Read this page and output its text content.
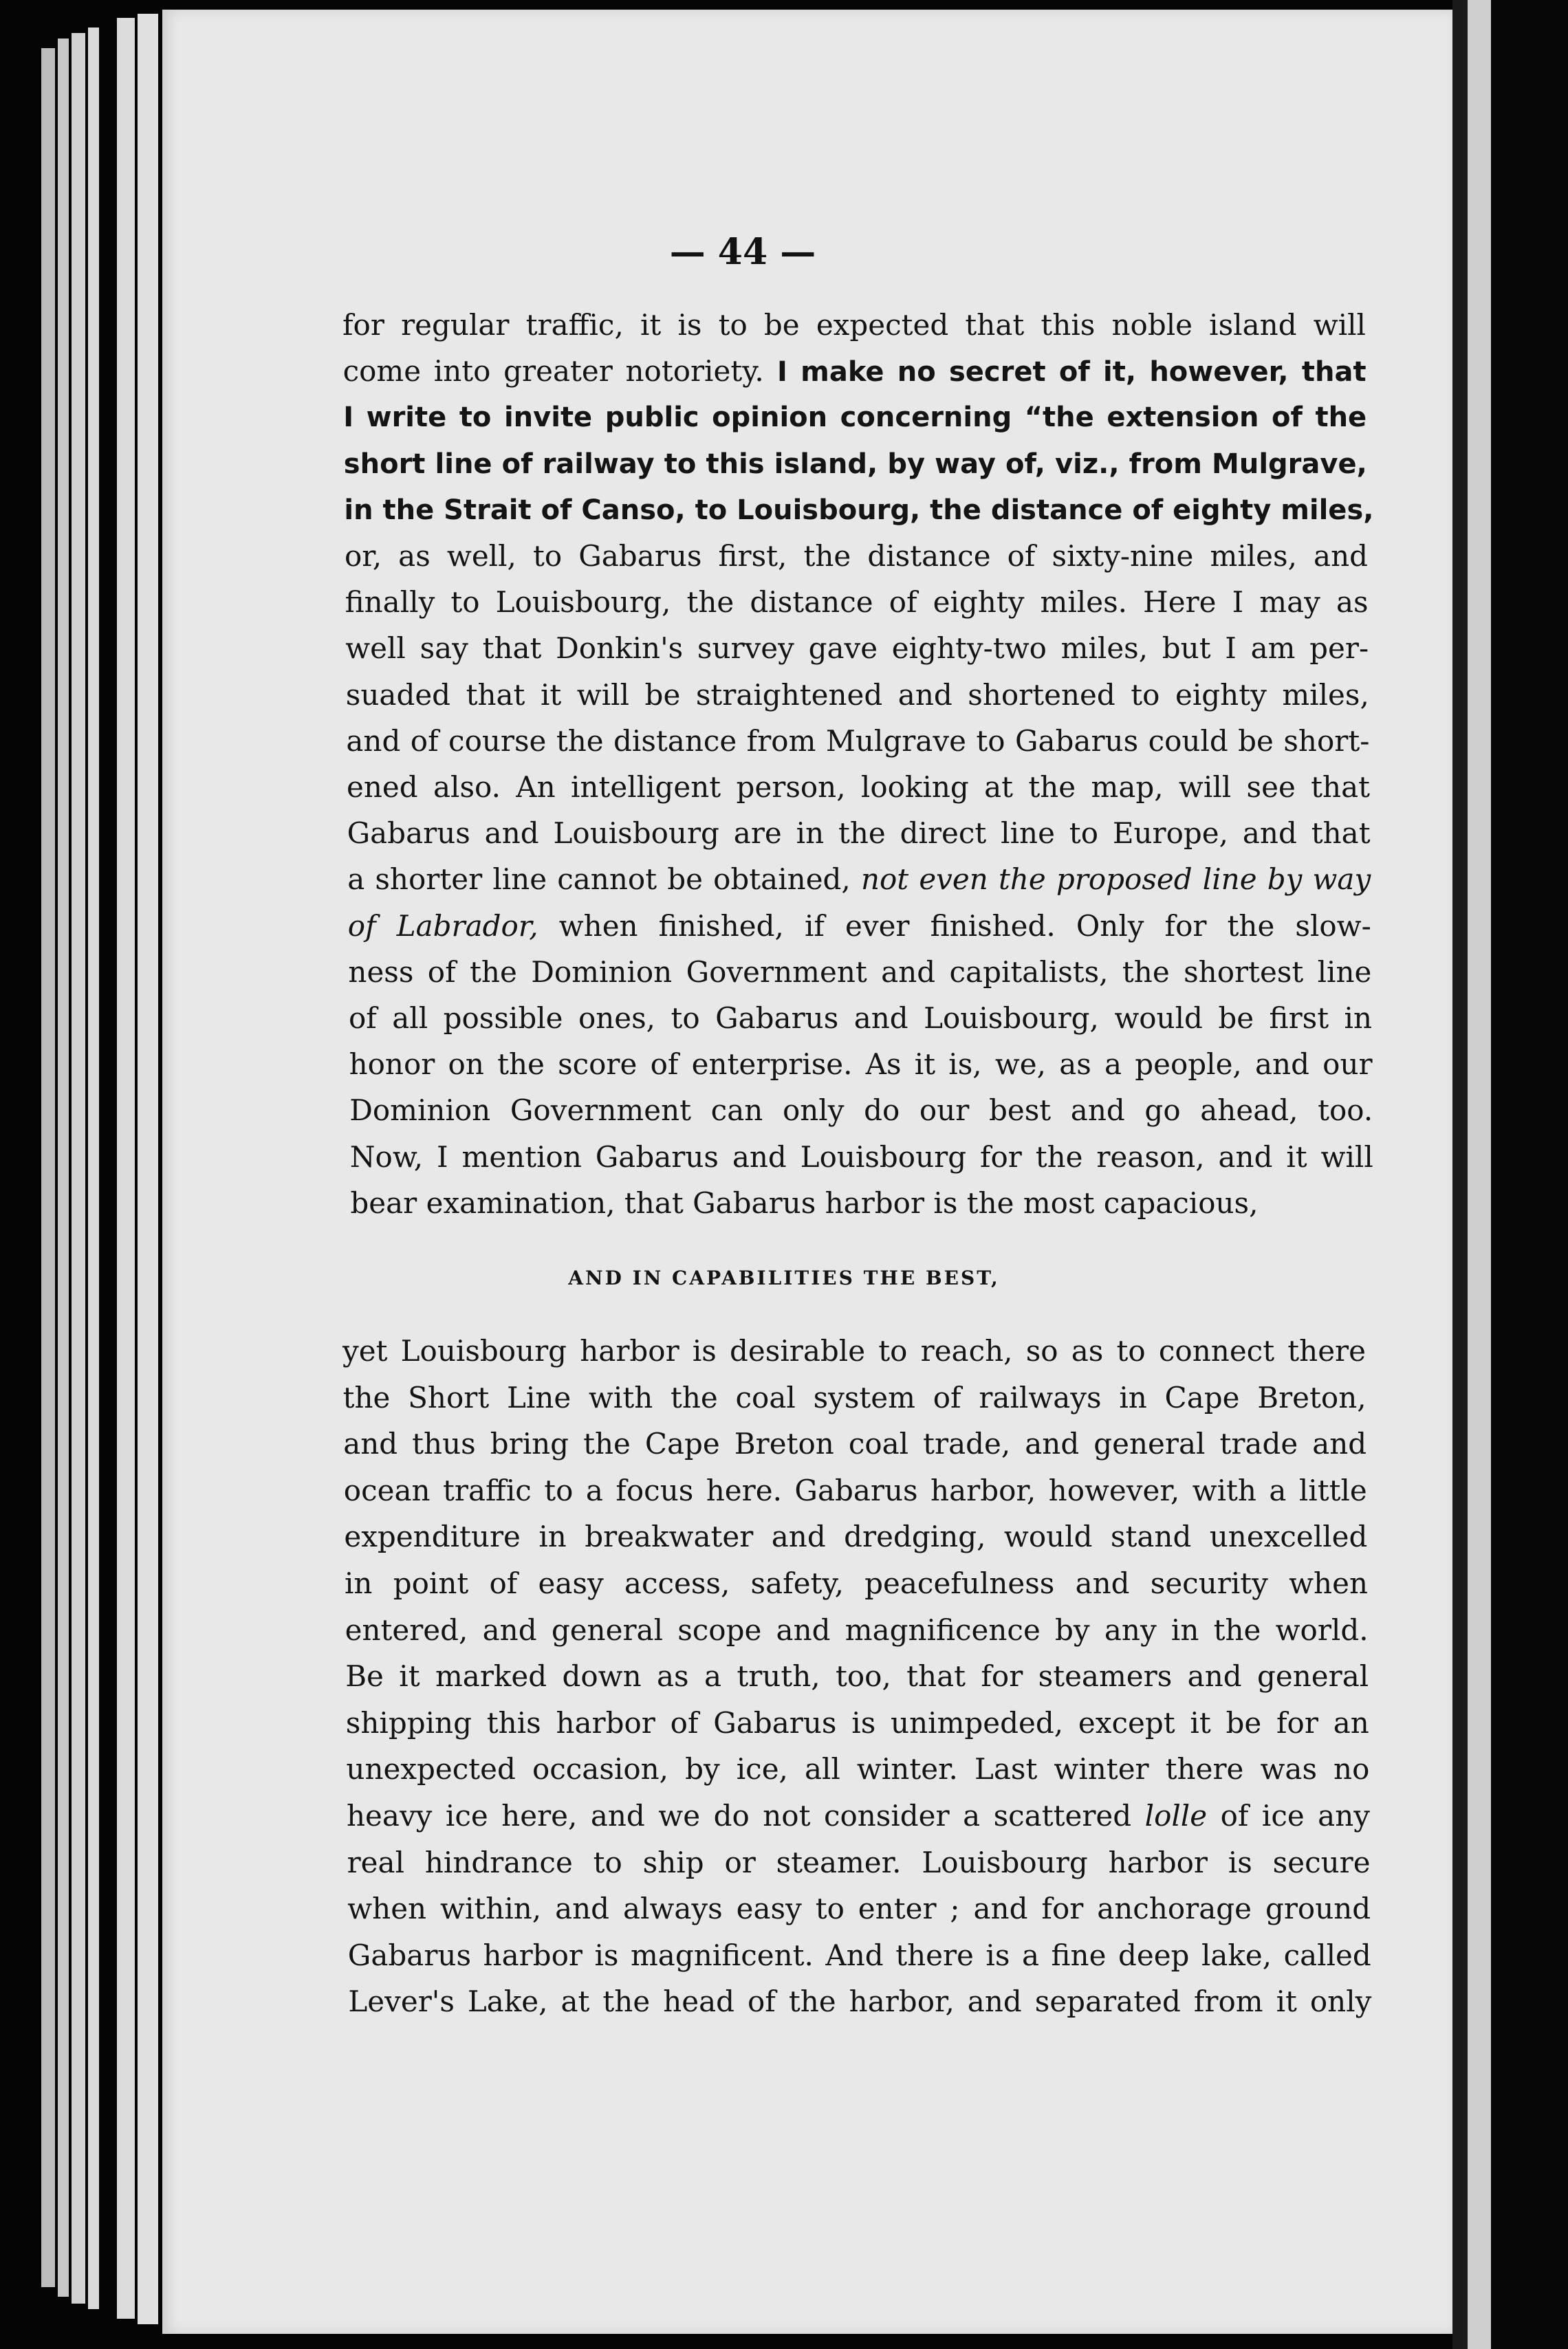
— 44 —
AND IN CAPABILITIES THE BEST,
for regular traffic, it is to be expected that this noble island will
come into greater notoriety. I make no secret of it, however, that
I write to invite public opinion concerning “the extension of the
short line of railway to this island, by way of, viz., from Mulgrave,
in the Strait of Canso, to Louisbourg, the distance of eighty miles,
or, as well, to Gabarus first, the distance of sixty-nine miles, and
finally to Louisbourg, the distance of eighty miles. Here I may as
well say that Donkin's survey gave eighty-two miles, but I am per-
suaded that it will be straightened and shortened to eighty miles,
and of course the distance from Mulgrave to Gabarus could be short-
ened also. An intelligent person, looking at the map, will see that
Gabarus and Louisbourg are in the direct line to Europe, and that
a shorter line cannot be obtained, not even the proposed line by way
of Labrador, when finished, if ever finished. Only for the slow-
ness of the Dominion Government and capitalists, the shortest line
of all possible ones, to Gabarus and Louisbourg, would be first in
honor on the score of enterprise. As it is, we, as a people, and our
Dominion Government can only do our best and go ahead, too.
Now, I mention Gabarus and Louisbourg for the reason, and it will
bear examination, that Gabarus harbor is the most capacious,
yet Louisbourg harbor is desirable to reach, so as to connect there
the Short Line with the coal system of railways in Cape Breton,
and thus bring the Cape Breton coal trade, and general trade and
ocean traffic to a focus here. Gabarus harbor, however, with a little
expenditure in breakwater and dredging, would stand unexcelled
in point of easy access, safety, peacefulness and security when
entered, and general scope and magnificence by any in the world.
Be it marked down as a truth, too, that for steamers and general
shipping this harbor of Gabarus is unimpeded, except it be for an
unexpected occasion, by ice, all winter. Last winter there was no
heavy ice here, and we do not consider a scattered lolle of ice any
real hindrance to ship or steamer. Louisbourg harbor is secure
when within, and always easy to enter ; and for anchorage ground
Gabarus harbor is magnificent. And there is a fine deep lake, called
Lever's Lake, at the head of the harbor, and separated from it only
